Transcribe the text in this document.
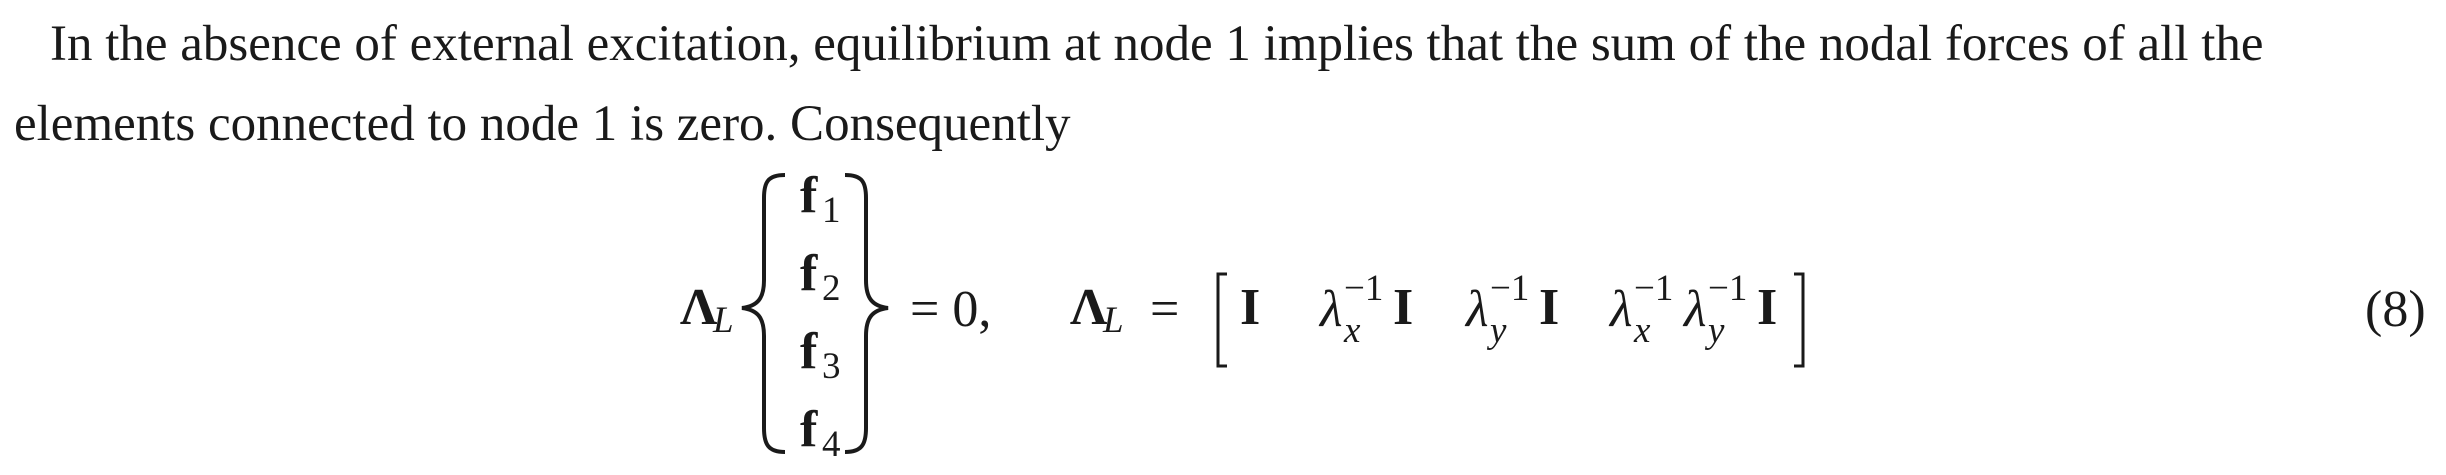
In the absence of external excitation, equilibrium at node 1 implies that the sum of the nodal forces of all the
elements connected to node 1 is zero. Consequently
Λ
L
f 1
f 2
f 3
f 4
= 0, Λ
L = I λ −1
x I λ −1
y I λ −1
x λ −1
y I	(8)
